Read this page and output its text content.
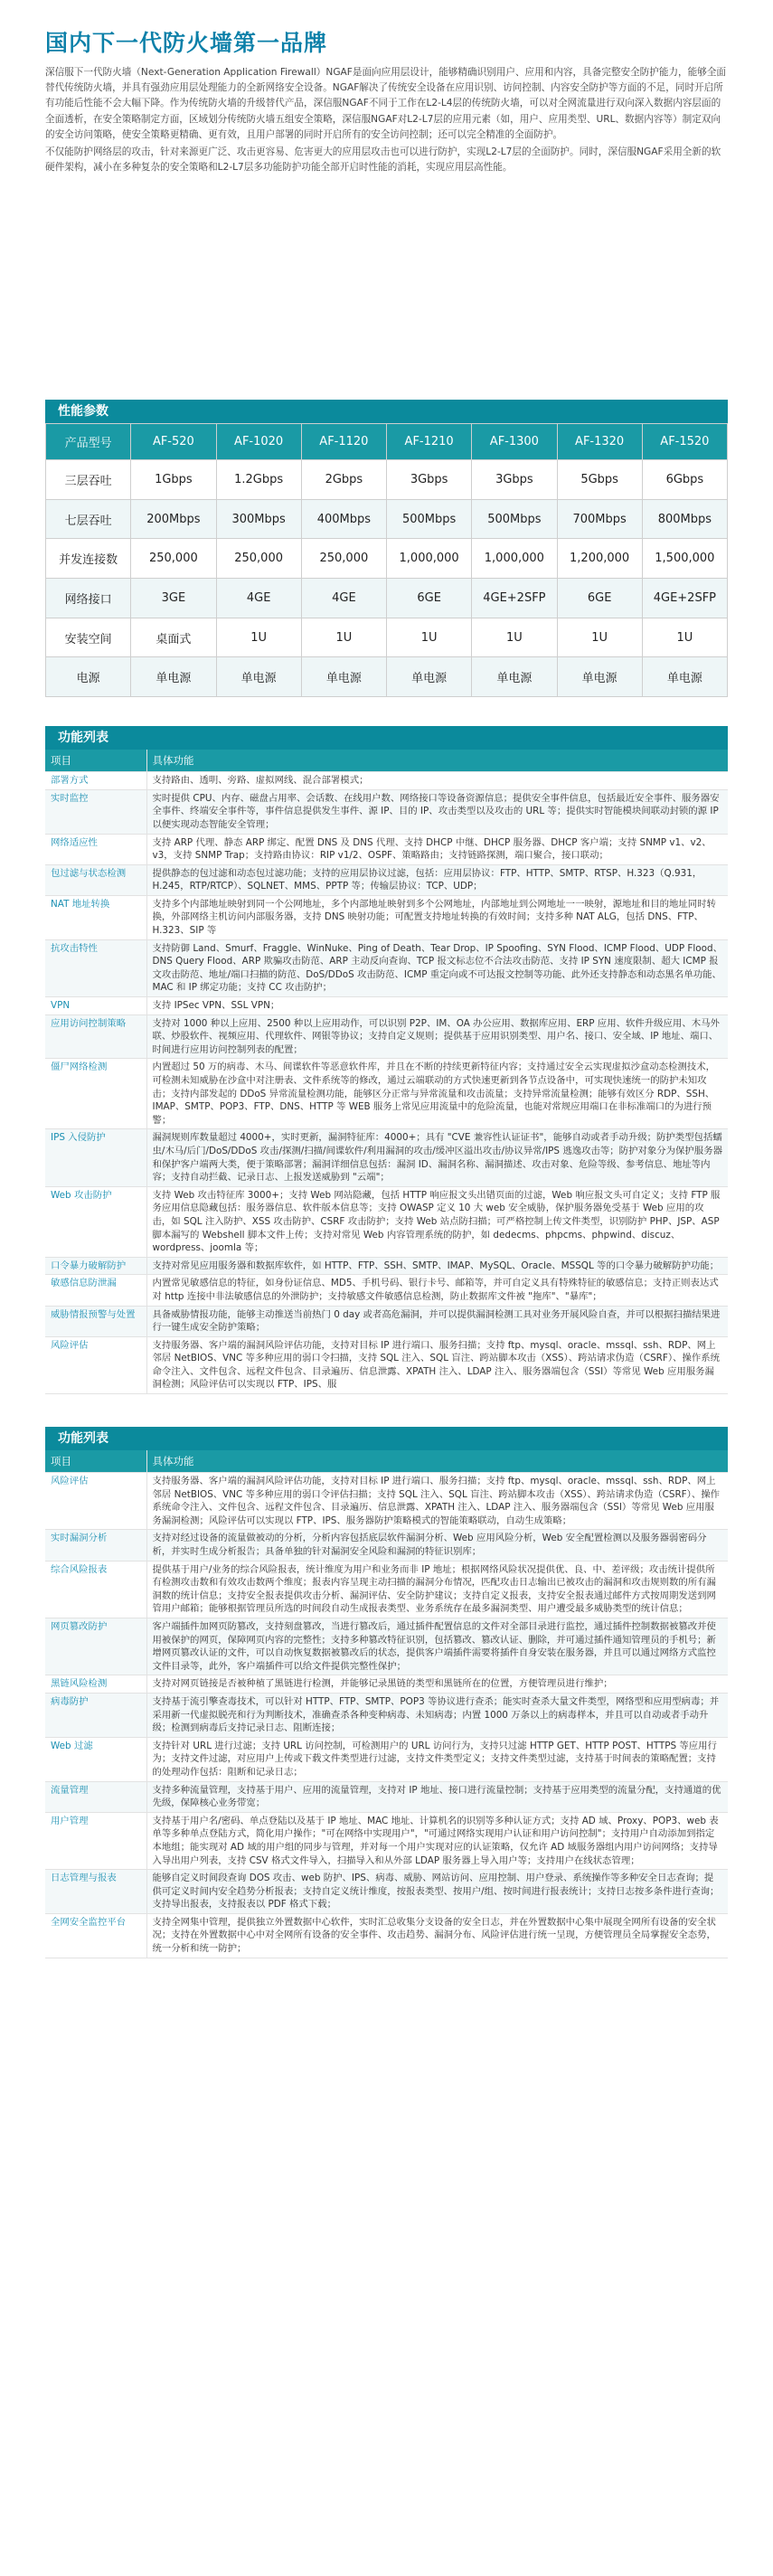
国内下一代防火墙第一品牌

深信服下一代防火墙（Next-Generation Application Firewall）NGAF是面向应用层设计，能够精确识别用户、应用和内容，具备完整安全防护能力，能够全面替代传统防火墙，并具有强劲应用层处理能力的全新网络安全设备。NGAF解决了传统安全设备在应用识别、访问控制、内容安全防护等方面的不足，同时开启所有功能后性能不会大幅下降。作为传统防火墙的升级替代产品，深信服NGAF不同于工作在L2-L4层的传统防火墙，可以对全网流量进行双向深入数据内容层面的全面透析，在安全策略制定方面，区域划分传统防火墙五组安全策略，深信服NGAF对L2-L7层的应用元素（如，用户、应用类型、URL、数据内容等）制定双向的安全访问策略，使安全策略更精确、更有效，且用户部署的同时开启所有的安全访问控制；还可以完全精准的全面防护。

不仅能防护网络层的攻击，针对来源更广泛、攻击更容易、危害更大的应用层攻击也可以进行防护，实现L2-L7层的全面防护。同时，深信服NGAF采用全新的软硬件架构，减小在多种复杂的安全策略和L2-L7层多功能防护功能全部开启时性能的消耗，实现应用层高性能。

性能参数
产品型号	AF-520	AF-1020	AF-1120	AF-1210	AF-1300	AF-1320	AF-1520
三层吞吐	1Gbps	1.2Gbps	2Gbps	3Gbps	3Gbps	5Gbps	6Gbps
七层吞吐	200Mbps	300Mbps	400Mbps	500Mbps	500Mbps	700Mbps	800Mbps
并发连接数	250,000	250,000	250,000	1,000,000	1,000,000	1,200,000	1,500,000
网络接口	3GE	4GE	4GE	6GE	4GE+2SFP	6GE	4GE+2SFP
安装空间	桌面式	1U	1U	1U	1U	1U	1U
电源	单电源	单电源	单电源	单电源	单电源	单电源	单电源
功能列表
项目	具体功能
部署方式	支持路由、透明、旁路、虚拟网线、混合部署模式；
实时监控	实时提供 CPU、内存、磁盘占用率、会话数、在线用户数、网络接口等设备资源信息；提供安全事件信息，包括最近安全事件、服务器安全事件、终端安全事件等，事件信息提供发生事件、源 IP、目的 IP、攻击类型以及攻击的 URL 等；提供实时智能模块间联动封锁的源 IP 以便实现动态智能安全管理；
网络适应性	支持 ARP 代理、静态 ARP 绑定、配置 DNS 及 DNS 代理、支持 DHCP 中继、DHCP 服务器、DHCP 客户端；支持 SNMP v1、v2、v3，支持 SNMP Trap；支持路由协议：RIP v1/2、OSPF、策略路由；支持链路探测，端口聚合，接口联动；
包过滤与状态检测	提供静态的包过滤和动态包过滤功能；支持的应用层协议过滤，包括：应用层协议：FTP、HTTP、SMTP、RTSP、H.323（Q.931，H.245，RTP/RTCP）、SQLNET、MMS、PPTP 等；传输层协议：TCP、UDP；
NAT 地址转换	支持多个内部地址映射到同一个公网地址，多个内部地址映射到多个公网地址，内部地址到公网地址一一映射，源地址和目的地址同时转换，外部网络主机访问内部服务器，支持 DNS 映射功能；可配置支持地址转换的有效时间；支持多种 NAT ALG，包括 DNS、FTP、H.323、SIP 等
抗攻击特性	支持防御 Land、Smurf、Fraggle、WinNuke、Ping of Death、Tear Drop、IP Spoofing、SYN Flood、ICMP Flood、UDP Flood、DNS Query Flood、ARP 欺骗攻击防范、ARP 主动反向查询、TCP 报文标志位不合法攻击防范、支持 IP SYN 速度限制、超大 ICMP 报文攻击防范、地址/端口扫描的防范、DoS/DDoS 攻击防范、ICMP 重定向或不可达报文控制等功能、此外还支持静态和动态黑名单功能、MAC 和 IP 绑定功能；支持 CC 攻击防护；
VPN	支持 IPSec VPN、SSL VPN；
应用访问控制策略	支持对 1000 种以上应用、2500 种以上应用动作，可以识别 P2P、IM、OA 办公应用、数据库应用、ERP 应用、软件升级应用、木马外联、炒股软件、视频应用、代理软件、网银等协议；支持自定义规则；提供基于应用识别类型、用户名、接口、安全域、IP 地址、端口、时间进行应用访问控制列表的配置；
僵尸网络检测	内置超过 50 万的病毒、木马、间谍软件等恶意软件库，并且在不断的持续更新特征内容；支持通过安全云实现虚拟沙盒动态检测技术，可检测未知威胁在沙盒中对注册表、文件系统等的修改，通过云端联动的方式快速更新到各节点设备中，可实现快速统一的防护未知攻击；支持内部发起的 DDoS 异常流量检测功能，能够区分正常与异常流量和攻击流量；支持异常流量检测；能够有效区分 RDP、SSH、IMAP、SMTP、POP3、FTP、DNS、HTTP 等 WEB 服务上常见应用流量中的危险流量，也能对常规应用端口在非标准端口的为进行预警；
IPS 入侵防护	漏洞规则库数量超过 4000+，实时更新，漏洞特征库：4000+；具有 "CVE 兼容性认证证书"，能够自动或者手动升级；防护类型包括蠕虫/木马/后门/DoS/DDoS 攻击/探测/扫描/间谍软件/利用漏洞的攻击/缓冲区溢出攻击/协议异常/IPS 逃逸攻击等；防护对象分为保护服务器和保护客户端两大类，便于策略部署；漏洞详细信息包括：漏洞 ID、漏洞名称、漏洞描述、攻击对象、危险等级、参考信息、地址等内容；支持自动拦截、记录日志、上报发送威胁到 "云端"；
Web 攻击防护	支持 Web 攻击特征库 3000+；支持 Web 网站隐藏，包括 HTTP 响应报文头出错页面的过滤，Web 响应报文头可自定义；支持 FTP 服务应用信息隐藏包括：服务器信息、软件版本信息等；支持 OWASP 定义 10 大 web 安全威胁，保护服务器免受基于 Web 应用的攻击，如 SQL 注入防护、XSS 攻击防护、CSRF 攻击防护；支持 Web 站点防扫描；可严格控制上传文件类型，识别防护 PHP、JSP、ASP 脚本漏写的 Webshell 脚本文件上传；支持对常见 Web 内容管理系统的防护，如 dedecms、phpcms、phpwind、discuz、wordpress、joomla 等；
口令暴力破解防护	支持对常见应用服务器和数据库软件，如 HTTP、FTP、SSH、SMTP、IMAP、MySQL、Oracle、MSSQL 等的口令暴力破解防护功能；
敏感信息防泄漏	内置常见敏感信息的特征，如身份证信息、MD5、手机号码、银行卡号、邮箱等，并可自定义具有特殊特征的敏感信息；支持正则表达式对 http 连接中非法敏感信息的外泄防护；支持敏感文件敏感信息检测，防止数据库文件被 "拖库"、"暴库"；
威胁情报预警与处置	具备威胁情报功能，能够主动推送当前热门 0 day 或者高危漏洞，并可以提供漏洞检测工具对业务开展风险自查，并可以根据扫描结果进行一键生成安全防护策略；
风险评估	支持服务器、客户端的漏洞风险评估功能，支持对目标 IP 进行端口、服务扫描；支持 ftp、mysql、oracle、mssql、ssh、RDP、网上邻居 NetBIOS、VNC 等多种应用的弱口令扫描，支持 SQL 注入、SQL 盲注、跨站脚本攻击（XSS）、跨站请求伪造（CSRF）、操作系统命令注入、文件包含、远程文件包含、目录遍历、信息泄露、XPATH 注入、LDAP 注入、服务器端包含（SSI）等常见 Web 应用服务漏洞检测；风险评估可以实现以 FTP、IPS、服
功能列表
项目	具体功能
风险评估	支持服务器、客户端的漏洞风险评估功能，支持对目标 IP 进行端口、服务扫描；支持 ftp、mysql、oracle、mssql、ssh、RDP、网上邻居 NetBIOS、VNC 等多种应用的弱口令评估扫描；支持 SQL 注入、SQL 盲注、跨站脚本攻击（XSS）、跨站请求伪造（CSRF）、操作系统命令注入、文件包含、远程文件包含、目录遍历、信息泄露、XPATH 注入、LDAP 注入、服务器端包含（SSI）等常见 Web 应用服务漏洞检测；风险评估可以实现以 FTP、IPS、服务器防护策略模式的智能策略联动，自动生成策略；
实时漏洞分析	支持对经过设备的流量做被动的分析，分析内容包括底层软件漏洞分析、Web 应用风险分析，Web 安全配置检测以及服务器弱密码分析，并实时生成分析报告；具备单独的针对漏洞安全风险和漏洞的特征识别库；
综合风险报表	提供基于用户/业务的综合风险报表，统计维度为用户和业务而非 IP 地址；根据网络风险状况提供优、良、中、差评级；攻击统计提供所有检测攻击数和有效攻击数两个维度；报表内容呈现主动扫描的漏洞分布情况，匹配攻击日志输出已被攻击的漏洞和攻击规则数的所有漏洞数的统计信息；支持安全报表提供攻击分析、漏洞评估、安全防护建议；支持自定义报表，支持安全报表通过邮件方式按周期发送到网管用户邮箱；能够根据管理员所选的时间段自动生成报表类型、业务系统存在最多漏洞类型、用户遭受最多威胁类型的统计信息；
网页篡改防护	客户端插件加网页防篡改，支持刻盘篡改，当进行篡改后，通过插件配置信息的文件对全部目录进行监控，通过插件控制数据被篡改并使用被保护的网页，保障网页内容的完整性；支持多种篡改特征识别，包括篡改、篡改认证、删除，并可通过插件通知管理员的手机号；新增网页篡改认证的文件，可以自动恢复数据被篡改后的状态，提供客户端插件需要将插件自身安装在服务器，并且可以通过网络方式监控文件目录等，此外，客户端插件可以给文件提供完整性保护；
黑链风险检测	支持对网页链接是否被种植了黑链进行检测，并能够记录黑链的类型和黑链所在的位置，方便管理员进行维护；
病毒防护	支持基于流引擎查毒技术，可以针对 HTTP、FTP、SMTP、POP3 等协议进行查杀；能实时查杀大量文件类型，网络型和应用型病毒；并采用新一代虚拟脱壳和行为判断技术，准确查杀各种变种病毒、未知病毒；内置 1000 万条以上的病毒样本，并且可以自动或者手动升级；检测到病毒后支持记录日志、阻断连接；
Web 过滤	支持针对 URL 进行过滤；支持 URL 访问控制，可检测用户的 URL 访问行为，支持只过滤 HTTP GET、HTTP POST、HTTPS 等应用行为；支持文件过滤，对应用户上传或下载文件类型进行过滤，支持文件类型定义；支持文件类型过滤，支持基于时间表的策略配置；支持的处理动作包括：阻断和记录日志；
流量管理	支持多种流量管理，支持基于用户、应用的流量管理，支持对 IP 地址、接口进行流量控制；支持基于应用类型的流量分配，支持通道的优先级，保障核心业务带宽；
用户管理	支持基于用户名/密码、单点登陆以及基于 IP 地址、MAC 地址、计算机名的识别等多种认证方式；支持 AD 域、Proxy、POP3、web 表单等多种单点登陆方式，简化用户操作；"可在网络中实现用户"，"可通过网络实现用户认证和用户访问控制"；支持用户自动添加到指定本地组；能实现对 AD 域的用户组的同步与管理，并对每一个用户实现对应的认证策略，仅允许 AD 域服务器组内用户访问网络；支持导入导出用户列表，支持 CSV 格式文件导入，扫描导入和从外部 LDAP 服务器上导入用户等；支持用户在线状态管理；
日志管理与报表	能够自定义时间段查询 DOS 攻击、web 防护、IPS、病毒、威胁、网站访问、应用控制、用户登录、系统操作等多种安全日志查询；提供可定义时间内安全趋势分析报表；支持自定义统计维度，按报表类型、按用户/组、按时间进行报表统计；支持日志按多条件进行查询；支持导出报表，支持报表以 PDF 格式下载；
全网安全监控平台	支持全网集中管理，提供独立外置数据中心软件，实时汇总收集分支设备的安全日志，并在外置数据中心集中展现全网所有设备的安全状况；支持在外置数据中心中对全网所有设备的安全事件、攻击趋势、漏洞分布、风险评估进行统一呈现，方便管理员全局掌握安全态势，统一分析和统一防护；
